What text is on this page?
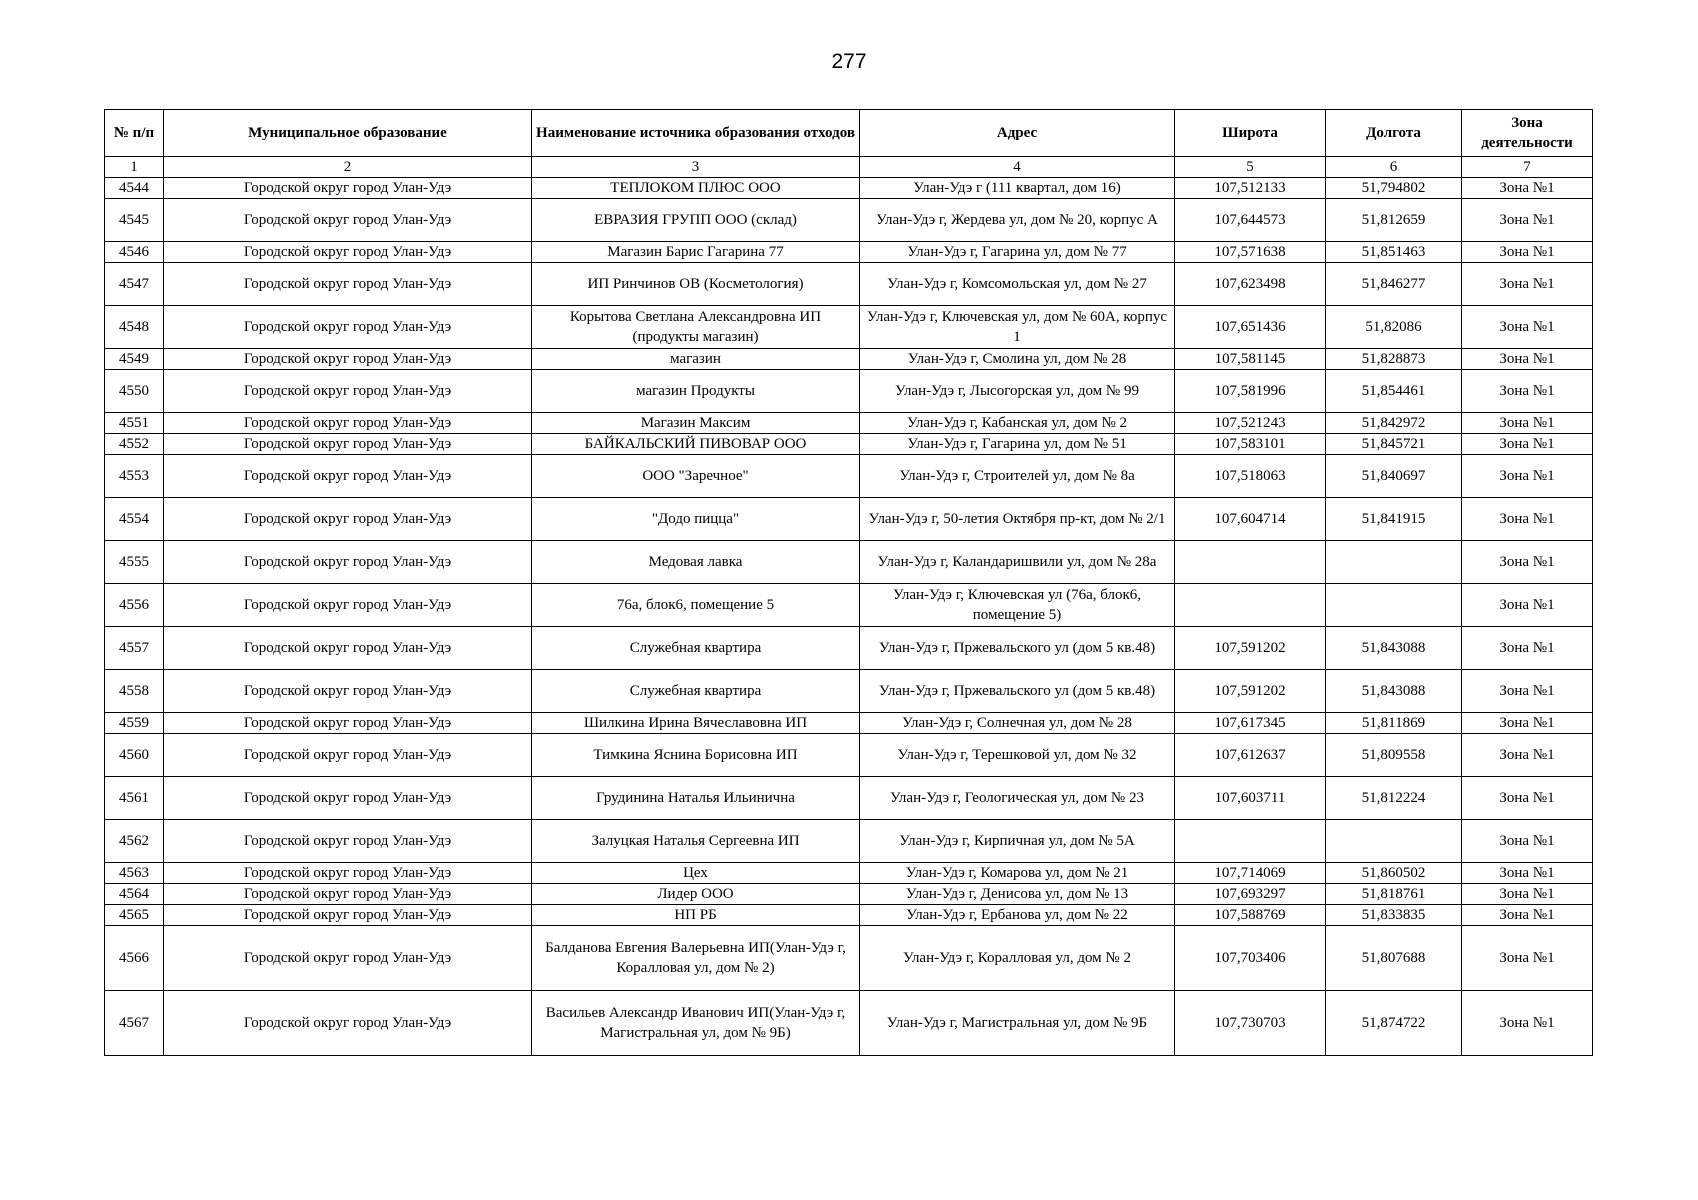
277
№ п/п	Муниципальное образование	Наименование источника образования отходов	Адрес	Широта	Долгота	Зона деятельности
1	2	3	4	5	6	7
4544	Городской округ город Улан-Удэ	ТЕПЛОКОМ ПЛЮС ООО	Улан-Удэ г (111 квартал, дом 16)	107,512133	51,794802	Зона №1
4545	Городской округ город Улан-Удэ	ЕВРАЗИЯ ГРУПП ООО (склад)	Улан-Удэ г, Жердева ул, дом № 20, корпус А	107,644573	51,812659	Зона №1
4546	Городской округ город Улан-Удэ	Магазин Барис Гагарина 77	Улан-Удэ г, Гагарина ул, дом № 77	107,571638	51,851463	Зона №1
4547	Городской округ город Улан-Удэ	ИП Ринчинов ОВ (Косметология)	Улан-Удэ г, Комсомольская ул, дом № 27	107,623498	51,846277	Зона №1
4548	Городской округ город Улан-Удэ	Корытова Светлана Александровна ИП (продукты магазин)	Улан-Удэ г, Ключевская ул, дом № 60А, корпус 1	107,651436	51,82086	Зона №1
4549	Городской округ город Улан-Удэ	магазин	Улан-Удэ г, Смолина ул, дом № 28	107,581145	51,828873	Зона №1
4550	Городской округ город Улан-Удэ	магазин Продукты	Улан-Удэ г, Лысогорская ул, дом № 99	107,581996	51,854461	Зона №1
4551	Городской округ город Улан-Удэ	Магазин Максим	Улан-Удэ г, Кабанская ул, дом № 2	107,521243	51,842972	Зона №1
4552	Городской округ город Улан-Удэ	БАЙКАЛЬСКИЙ ПИВОВАР ООО	Улан-Удэ г, Гагарина ул, дом № 51	107,583101	51,845721	Зона №1
4553	Городской округ город Улан-Удэ	ООО "Заречное"	Улан-Удэ г, Строителей ул, дом № 8а	107,518063	51,840697	Зона №1
4554	Городской округ город Улан-Удэ	"Додо пицца"	Улан-Удэ г, 50-летия Октября пр-кт, дом № 2/1	107,604714	51,841915	Зона №1
4555	Городской округ город Улан-Удэ	Медовая лавка	Улан-Удэ г, Каландаришвили ул, дом № 28а			Зона №1
4556	Городской округ город Улан-Удэ	76а, блок6, помещение 5	Улан-Удэ г, Ключевская ул (76а, блок6, помещение 5)			Зона №1
4557	Городской округ город Улан-Удэ	Служебная квартира	Улан-Удэ г, Пржевальского ул (дом 5 кв.48)	107,591202	51,843088	Зона №1
4558	Городской округ город Улан-Удэ	Служебная квартира	Улан-Удэ г, Пржевальского ул (дом 5 кв.48)	107,591202	51,843088	Зона №1
4559	Городской округ город Улан-Удэ	Шилкина Ирина Вячеславовна ИП	Улан-Удэ г, Солнечная ул, дом № 28	107,617345	51,811869	Зона №1
4560	Городской округ город Улан-Удэ	Тимкина Яснина Борисовна ИП	Улан-Удэ г, Терешковой ул, дом № 32	107,612637	51,809558	Зона №1
4561	Городской округ город Улан-Удэ	Грудинина Наталья Ильинична	Улан-Удэ г, Геологическая ул, дом № 23	107,603711	51,812224	Зона №1
4562	Городской округ город Улан-Удэ	Залуцкая Наталья Сергеевна ИП	Улан-Удэ г, Кирпичная ул, дом № 5А			Зона №1
4563	Городской округ город Улан-Удэ	Цех	Улан-Удэ г, Комарова ул, дом № 21	107,714069	51,860502	Зона №1
4564	Городской округ город Улан-Удэ	Лидер ООО	Улан-Удэ г, Денисова ул, дом № 13	107,693297	51,818761	Зона №1
4565	Городской округ город Улан-Удэ	НП РБ	Улан-Удэ г, Ербанова ул, дом № 22	107,588769	51,833835	Зона №1
4566	Городской округ город Улан-Удэ	Балданова Евгения Валерьевна ИП(Улан-Удэ г, Коралловая ул, дом № 2)	Улан-Удэ г, Коралловая ул, дом № 2	107,703406	51,807688	Зона №1
4567	Городской округ город Улан-Удэ	Васильев Александр Иванович ИП(Улан-Удэ г, Магистральная ул, дом № 9Б)	Улан-Удэ г, Магистральная ул, дом № 9Б	107,730703	51,874722	Зона №1
